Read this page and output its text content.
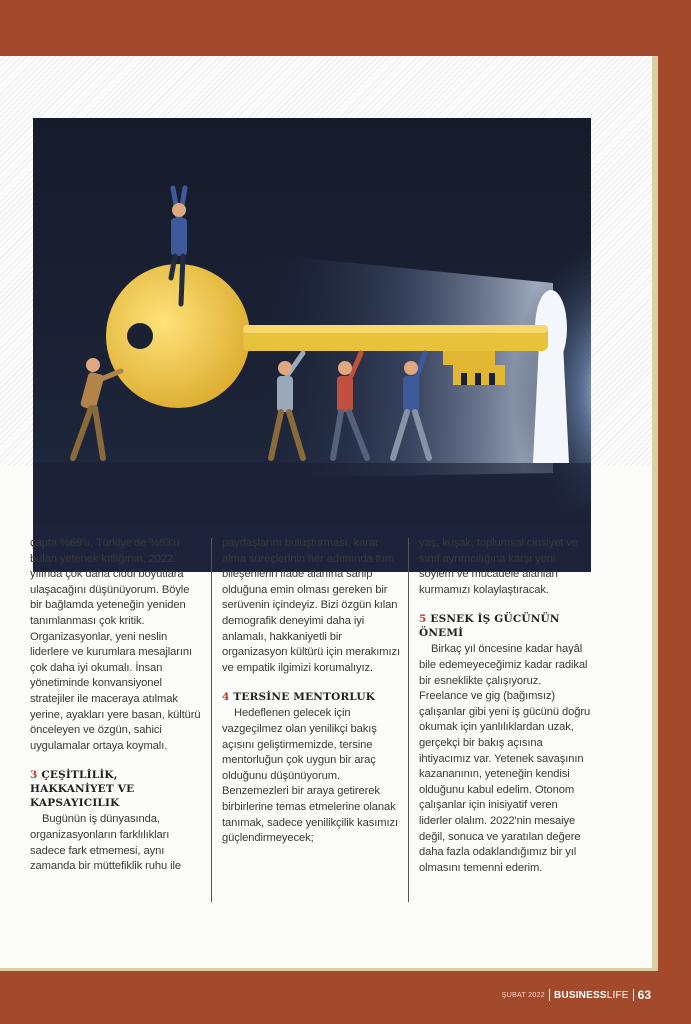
çapta %69'u, Türkiye'de %83'ü bulan yetenek kıtlığının, 2022 yılında çok daha ciddi boyutlara ulaşacağını düşünüyorum. Böyle bir bağlamda yeteneğin yeniden tanımlanması çok kritik. Organizasyonlar, yeni neslin liderlere ve kurumlara mesajlarını çok daha iyi okumalı. İnsan yönetiminde konvansiyonel stratejiler ile maceraya atılmak yerine, ayakları yere basan, kültürü önceleyen ve özgün, sahici uygulamalar ortaya koymalı.

3 ÇEŞİTLİLİK, HAKKANİYET VE KAPSAYICILIK

Bugünün iş dünyasında, organizasyonların farklılıkları sadece fark etmemesi, aynı zamanda bir müttefiklik ruhu ile

paydaşlarını buluşturması, karar alma süreçlerinin her adımında tüm bileşenlerin ifade alanına sahip olduğuna emin olması gereken bir serüvenin içindeyiz. Bizi özgün kılan demografik deneyimi daha iyi anlamalı, hakkaniyetli bir organizasyon kültürü için merakımızı ve empatik ilgimizi korumalıyız.

4 TERSİNE MENTORLUK

Hedeflenen gelecek için vazgeçilmez olan yenilikçi bakış açısını geliştirmemizde, tersine mentorluğun çok uygun bir araç olduğunu düşünüyorum. Benzemezleri bir araya getirerek birbirlerine temas etmelerine olanak tanımak, sadece yenilikçilik kasımızı güçlendirmeyecek;

yaş, kuşak, toplumsal cinsiyet ve sınıf ayrımcılığına karşı yeni söylem ve mücadele alanları kurmamızı kolaylaştıracak.

5 ESNEK İŞ GÜCÜNÜN ÖNEMİ

Birkaç yıl öncesine kadar hayâl bile edemeyeceğimiz kadar radikal bir esneklikte çalışıyoruz. Freelance ve gig (bağımsız) çalışanlar gibi yeni iş gücünü doğru okumak için yanlılıklardan uzak, gerçekçi bir bakış açısına ihtiyacımız var. Yetenek savaşının kazananının, yeteneğin kendisi olduğunu kabul edelim. Otonom çalışanlar için inisiyatif veren liderler olalım. 2022'nin mesaiye değil, sonuca ve yaratılan değere daha fazla odaklandığımız bir yıl olmasını temenni ederim.

ŞUBAT 2022 BUSINESSLIFE 63
